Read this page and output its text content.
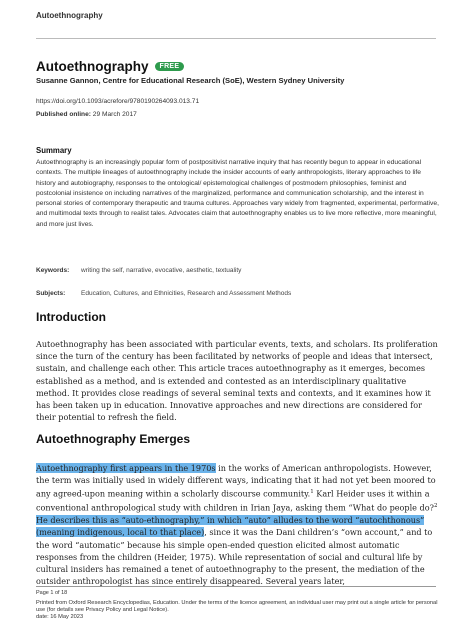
Autoethnography
Autoethnography	FREE
Susanne Gannon, Centre for Educational Research (SoE), Western Sydney University
https://doi.org/10.1093/acrefore/9780190264093.013.71
Published online: 29 March 2017
Summary

Autoethnography is an increasingly popular form of postpositivist narrative inquiry that has recently begun to appear in educational contexts. The multiple lineages of autoethnography include the insider accounts of early anthropologists, literary approaches to life history and autobiography, responses to the ontological/ epistemological challenges of postmodern philosophies, feminist and postcolonial insistence on including narratives of the marginalized, performance and communication scholarship, and the interest in personal stories of contemporary therapeutic and trauma cultures. Approaches vary widely from fragmented, experimental, performative, and multimodal texts through to realist tales. Advocates claim that autoethnography enables us to live more reflective, more meaningful, and more just lives.

Keywords:	writing the self, narrative, evocative, aesthetic, textuality
Subjects:	Education, Cultures, and Ethnicities, Research and Assessment Methods
Introduction

Autoethnography has been associated with particular events, texts, and scholars. Its proliferation since the turn of the century has been facilitated by networks of people and ideas that intersect, sustain, and challenge each other. This article traces autoethnography as it emerges, becomes established as a method, and is extended and contested as an interdisciplinary qualitative method. It provides close readings of several seminal texts and contexts, and it examines how it has been taken up in education. Innovative approaches and new directions are considered for their potential to refresh the field.

Autoethnography Emerges

Autoethnography first appears in the 1970s in the works of American anthropologists. However, the term was initially used in widely different ways, indicating that it had not yet been moored to any agreed-upon meaning within a scholarly discourse community.$^1$ Karl Heider uses it within a conventional anthropological study with children in Irian Jaya, asking them “What do people do?$^2$ He describes this as “auto-ethnography,” in which “auto” alludes to the word “autochthonous” (meaning indigenous, local to that place), since it was the Dani children’s “own account,” and to the word “automatic” because his simple open-ended question elicited almost automatic responses from the children (Heider, 1975). While representation of social and cultural life by cultural insiders has remained a tenet of autoethnography to the present, the mediation of the outsider anthropologist has since entirely disappeared. Several years later,

Page 1 of 18

Printed from Oxford Research Encyclopedias, Education. Under the terms of the licence agreement, an individual user may print out a single article for personal use (for details see Privacy Policy and Legal Notice).
date: 16 May 2023
